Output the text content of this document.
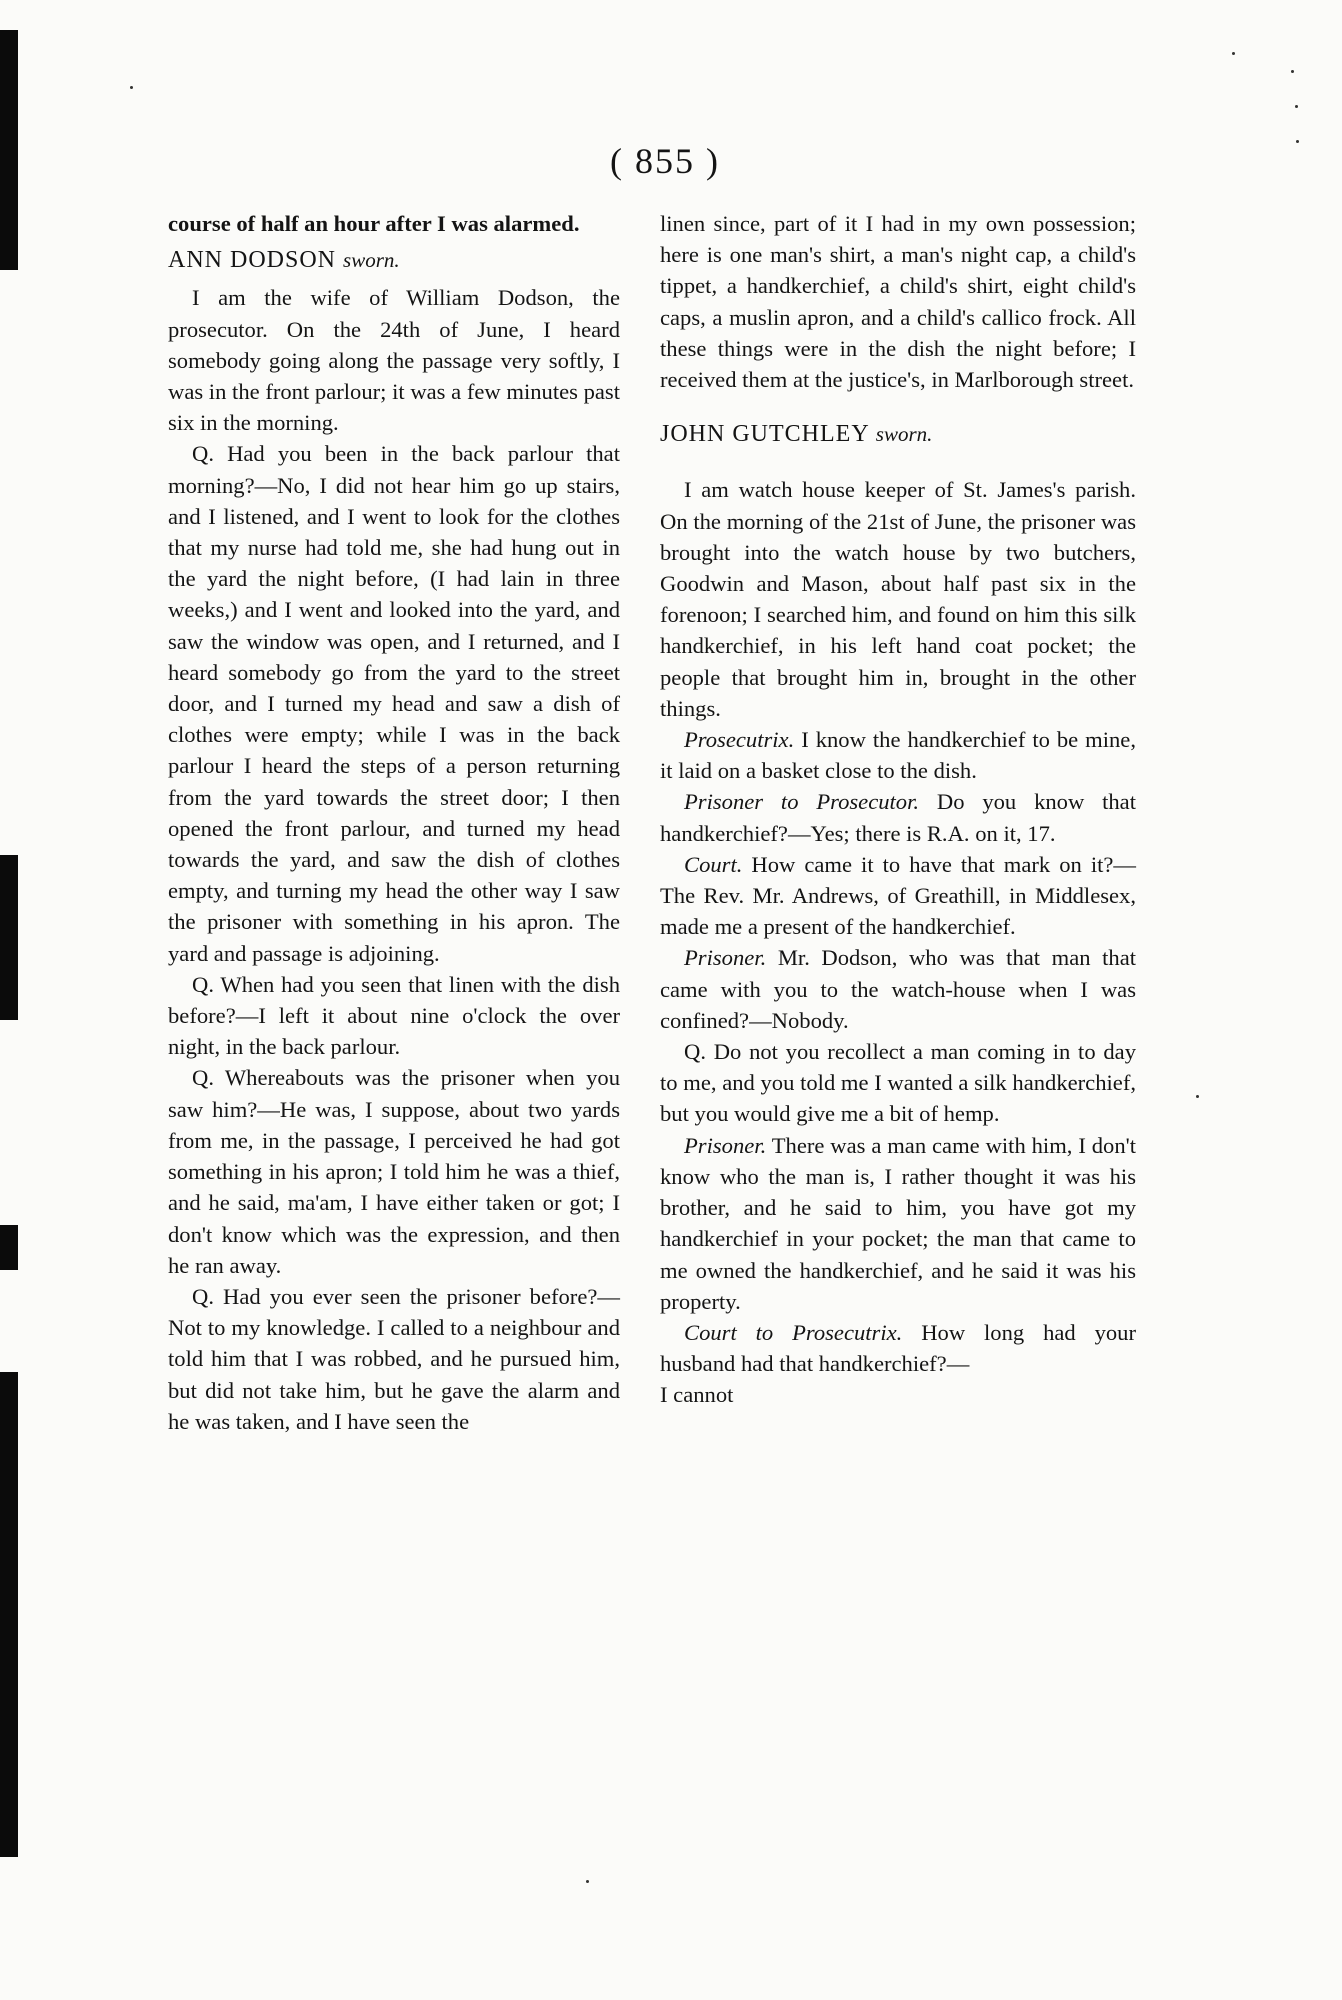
( 855 )

course of half an hour after I was alarmed.

ANN DODSON sworn.

I am the wife of William Dodson, the prosecutor. On the 24th of June, I heard somebody going along the passage very softly, I was in the front parlour; it was a few minutes past six in the morning.

Q. Had you been in the back parlour that morning?—No, I did not hear him go up stairs, and I listened, and I went to look for the clothes that my nurse had told me, she had hung out in the yard the night before, (I had lain in three weeks,) and I went and looked into the yard, and saw the window was open, and I returned, and I heard somebody go from the yard to the street door, and I turned my head and saw a dish of clothes were empty; while I was in the back parlour I heard the steps of a person returning from the yard towards the street door; I then opened the front parlour, and turned my head towards the yard, and saw the dish of clothes empty, and turning my head the other way I saw the prisoner with something in his apron. The yard and passage is adjoining.

Q. When had you seen that linen with the dish before?—I left it about nine o'clock the over night, in the back parlour.

Q. Whereabouts was the prisoner when you saw him?—He was, I suppose, about two yards from me, in the passage, I perceived he had got something in his apron; I told him he was a thief, and he said, ma'am, I have either taken or got; I don't know which was the expression, and then he ran away.

Q. Had you ever seen the prisoner before?—Not to my knowledge. I called to a neighbour and told him that I was robbed, and he pursued him, but did not take him, but he gave the alarm and he was taken, and I have seen the

linen since, part of it I had in my own possession; here is one man's shirt, a man's night cap, a child's tippet, a handkerchief, a child's shirt, eight child's caps, a muslin apron, and a child's callico frock. All these things were in the dish the night before; I received them at the justice's, in Marlborough street.

JOHN GUTCHLEY sworn.

I am watch house keeper of St. James's parish. On the morning of the 21st of June, the prisoner was brought into the watch house by two butchers, Goodwin and Mason, about half past six in the forenoon; I searched him, and found on him this silk handkerchief, in his left hand coat pocket; the people that brought him in, brought in the other things.

Prosecutrix. I know the handkerchief to be mine, it laid on a basket close to the dish.

Prisoner to Prosecutor. Do you know that handkerchief?—Yes; there is R.A. on it, 17.

Court. How came it to have that mark on it?—The Rev. Mr. Andrews, of Greathill, in Middlesex, made me a present of the handkerchief.

Prisoner. Mr. Dodson, who was that man that came with you to the watch-house when I was confined?—Nobody.

Q. Do not you recollect a man coming in to day to me, and you told me I wanted a silk handkerchief, but you would give me a bit of hemp.

Prisoner. There was a man came with him, I don't know who the man is, I rather thought it was his brother, and he said to him, you have got my handkerchief in your pocket; the man that came to me owned the handkerchief, and he said it was his property.

Court to Prosecutrix. How long had your husband had that handkerchief?—

I cannot
